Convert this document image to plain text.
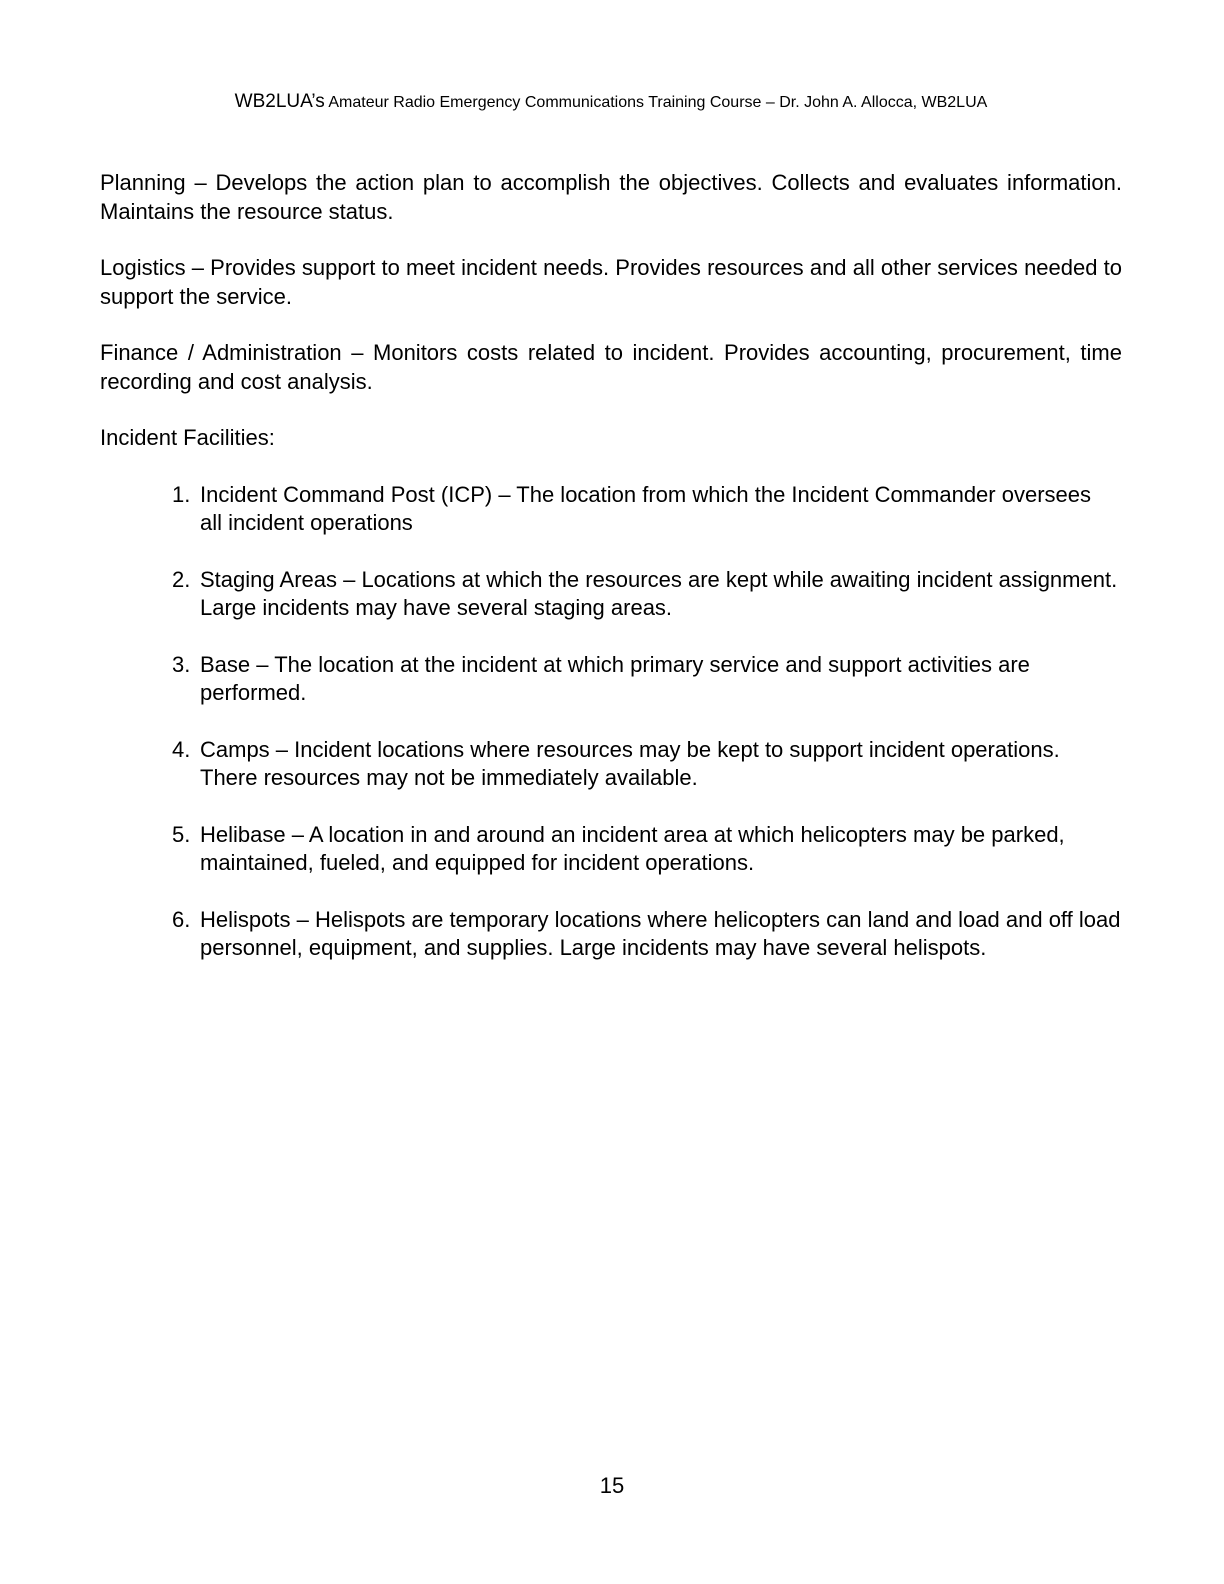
WB2LUA’s Amateur Radio Emergency Communications Training Course – Dr. John A. Allocca, WB2LUA
Planning – Develops the action plan to accomplish the objectives. Collects and evaluates information. Maintains the resource status.
Logistics – Provides support to meet incident needs. Provides resources and all other services needed to support the service.
Finance / Administration – Monitors costs related to incident. Provides accounting, procurement, time recording and cost analysis.
Incident Facilities:
1. Incident Command Post (ICP) – The location from which the Incident Commander oversees  all incident operations
2. Staging Areas – Locations at which the resources are kept while awaiting incident assignment. Large incidents may have several staging areas.
3. Base – The location at the incident at which primary service and support activities are performed.
4. Camps – Incident locations where resources may be kept to support incident operations. There resources may not be immediately available.
5. Helibase – A location in and around an incident area at which helicopters may be parked,  maintained, fueled, and equipped for incident operations.
6. Helispots – Helispots are temporary locations where helicopters can land and load and off load personnel, equipment, and supplies. Large incidents may have several helispots.
15
